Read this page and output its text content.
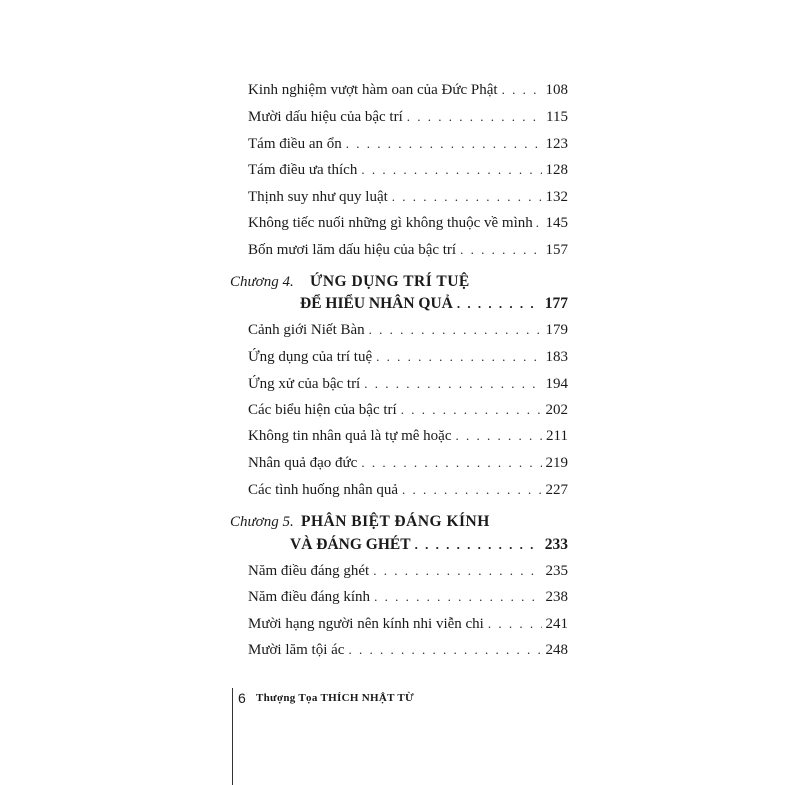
Kinh nghiệm vượt hàm oan của Đức Phật . . .	108
Mười dấu hiệu của bậc trí . . .	115
Tám điều an ổn . . .	123
Tám điều ưa thích . . .	128
Thịnh suy như quy luật . . .	132
Không tiếc nuối những gì không thuộc về mình . . . 145
Bốn mươi lăm dấu hiệu của bậc trí . . .	157
Chương 4. ỨNG DỤNG TRÍ TUỆ
ĐỂ HIỂU NHÂN QUẢ . . .	177
Cảnh giới Niết Bàn . . .	179
Ứng dụng của trí tuệ . . .	183
Ứng xử của bậc trí . . .	194
Các biểu hiện của bậc trí . . .	202
Không tin nhân quả là tự mê hoặc . . .	211
Nhân quả đạo đức . . .	219
Các tình huống nhân quả . . .	227
Chương 5. PHÂN BIỆT ĐÁNG KÍNH
VÀ ĐÁNG GHÉT . . .	233
Năm điều đáng ghét . . .	235
Năm điều đáng kính . . .	238
Mười hạng người nên kính nhi viễn chi . . .	241
Mười lăm tội ác . . .	248
6 Thượng Tọa THÍCH NHẬT TỪ
